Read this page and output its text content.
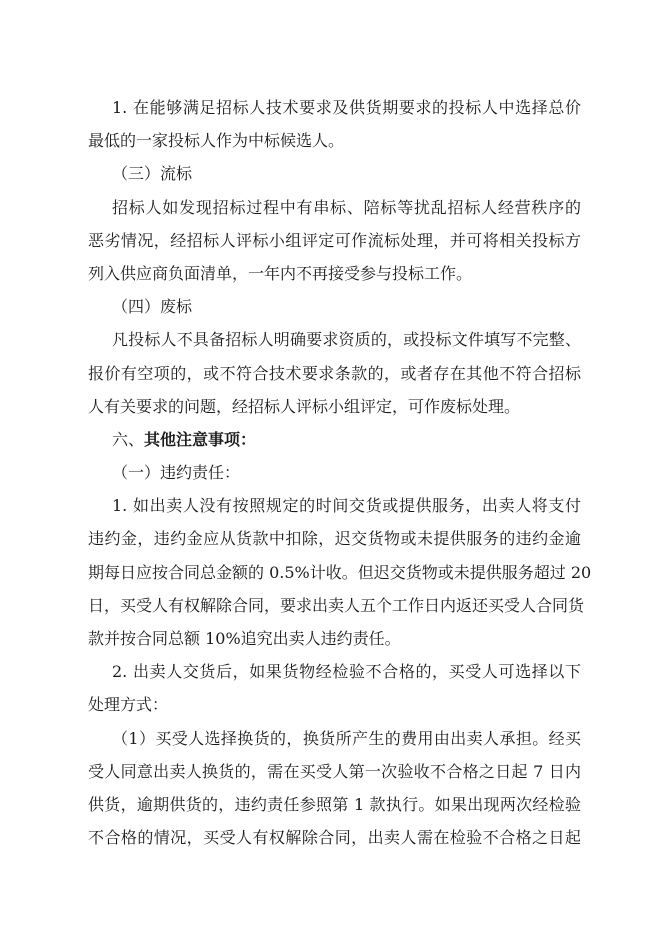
1. 在能够满足招标人技术要求及供货期要求的投标人中选择总价
最低的一家投标人作为中标候选人。
（三）流标
招标人如发现招标过程中有串标、陪标等扰乱招标人经营秩序的
恶劣情况，经招标人评标小组评定可作流标处理，并可将相关投标方
列入供应商负面清单，一年内不再接受参与投标工作。
（四）废标
凡投标人不具备招标人明确要求资质的，或投标文件填写不完整、
报价有空项的，或不符合技术要求条款的，或者存在其他不符合招标
人有关要求的问题，经招标人评标小组评定，可作废标处理。
六、其他注意事项：
（一）违约责任：
1. 如出卖人没有按照规定的时间交货或提供服务，出卖人将支付
违约金，违约金应从货款中扣除，迟交货物或未提供服务的违约金逾
期每日应按合同总金额的 0.5%计收。但迟交货物或未提供服务超过 20
日，买受人有权解除合同，要求出卖人五个工作日内返还买受人合同货
款并按合同总额 10%追究出卖人违约责任。
2. 出卖人交货后，如果货物经检验不合格的，买受人可选择以下
处理方式：
（1）买受人选择换货的，换货所产生的费用由出卖人承担。经买
受人同意出卖人换货的，需在买受人第一次验收不合格之日起 7 日内
供货，逾期供货的，违约责任参照第 1 款执行。如果出现两次经检验
不合格的情况，买受人有权解除合同，出卖人需在检验不合格之日起
